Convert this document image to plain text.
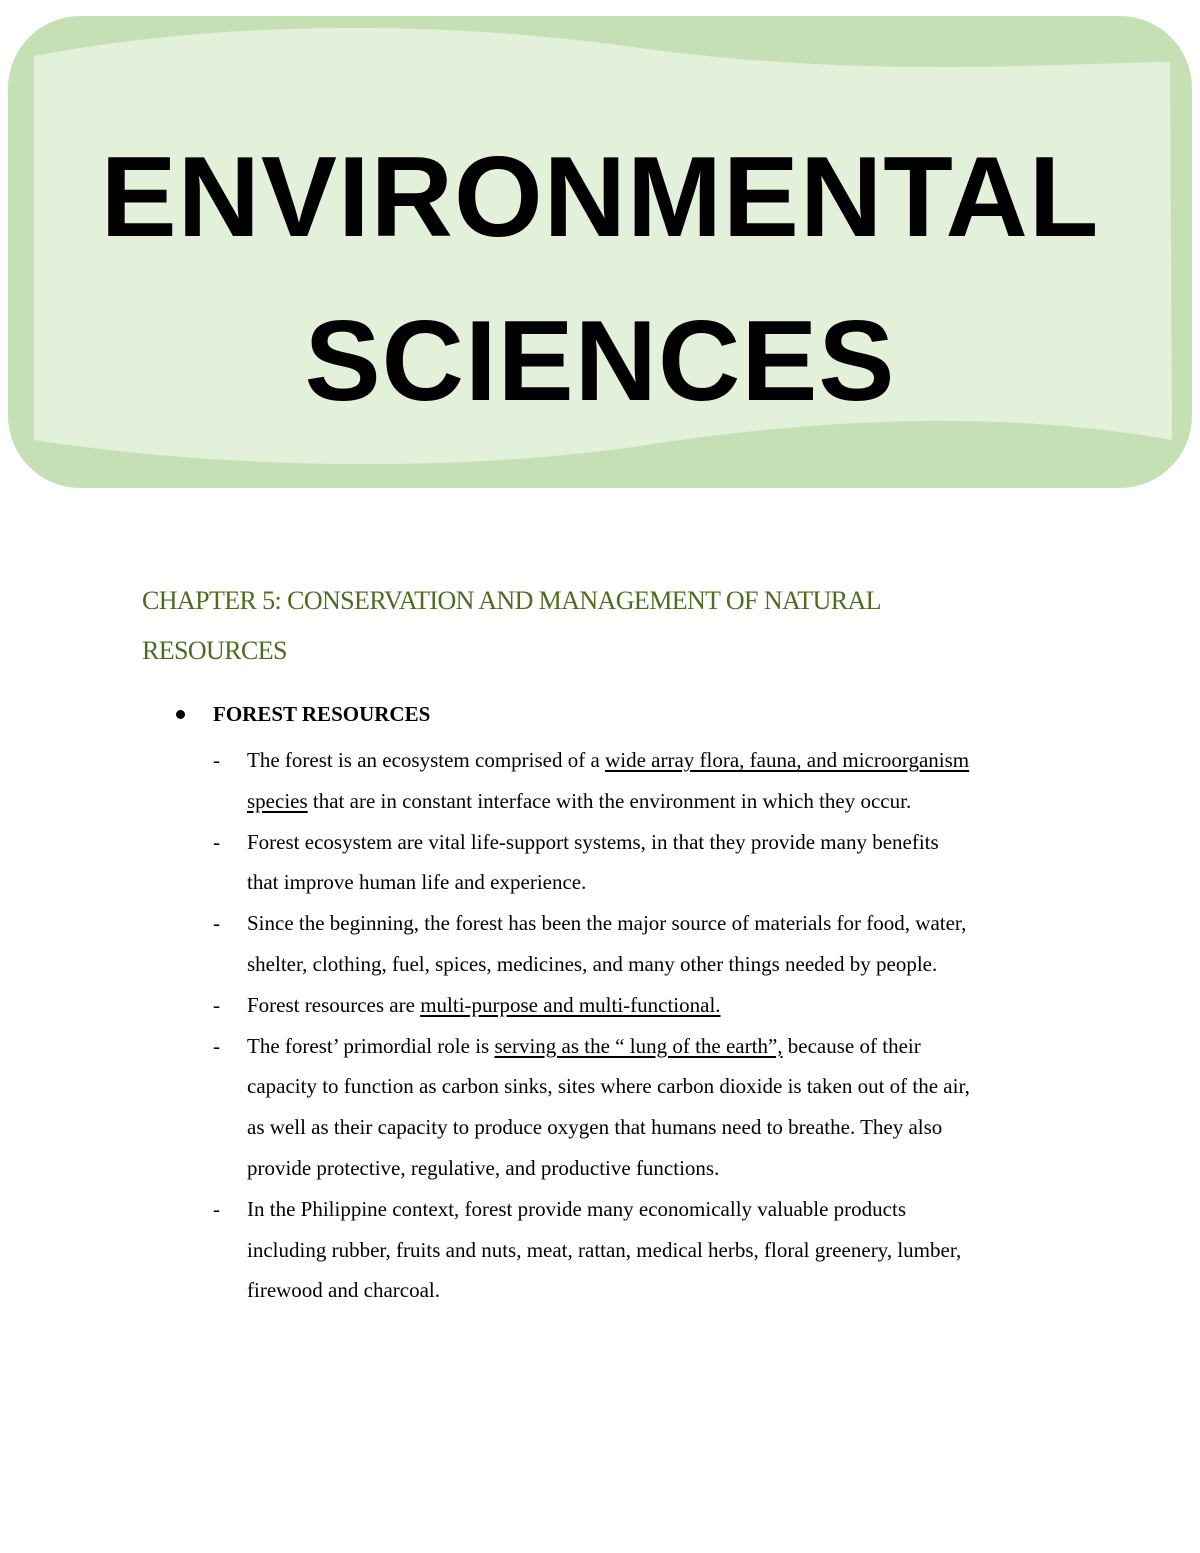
ENVIRONMENTAL
SCIENCES
CHAPTER 5: CONSERVATION AND MANAGEMENT OF NATURAL
RESOURCES
FOREST RESOURCES
- The forest is an ecosystem comprised of a wide array flora, fauna, and microorganism
species that are in constant interface with the environment in which they occur.
- Forest ecosystem are vital life-support systems, in that they provide many benefits
that improve human life and experience.
- Since the beginning, the forest has been the major source of materials for food, water,
shelter, clothing, fuel, spices, medicines, and many other things needed by people.
- Forest resources are multi-purpose and multi-functional.
- The forest’ primordial role is serving as the “ lung of the earth”, because of their
capacity to function as carbon sinks, sites where carbon dioxide is taken out of the air,
as well as their capacity to produce oxygen that humans need to breathe. They also
provide protective, regulative, and productive functions.
- In the Philippine context, forest provide many economically valuable products
including rubber, fruits and nuts, meat, rattan, medical herbs, floral greenery, lumber,
firewood and charcoal.
